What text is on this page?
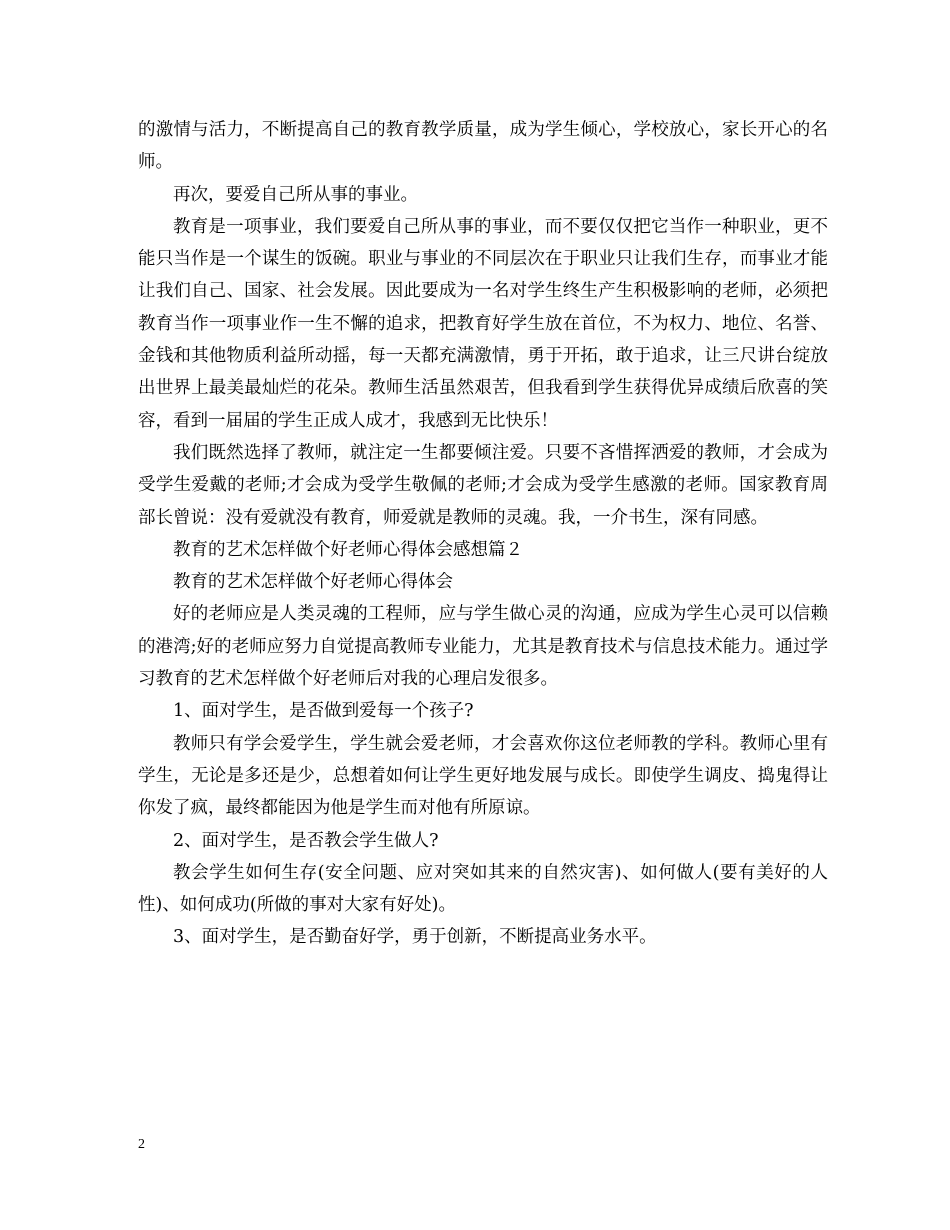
的激情与活力，不断提高自己的教育教学质量，成为学生倾心，学校放心，家长开心的名师。

再次，要爱自己所从事的事业。

教育是一项事业，我们要爱自己所从事的事业，而不要仅仅把它当作一种职业，更不能只当作是一个谋生的饭碗。职业与事业的不同层次在于职业只让我们生存，而事业才能让我们自己、国家、社会发展。因此要成为一名对学生终生产生积极影响的老师，必须把教育当作一项事业作一生不懈的追求，把教育好学生放在首位，不为权力、地位、名誉、金钱和其他物质利益所动摇，每一天都充满激情，勇于开拓，敢于追求，让三尺讲台绽放出世界上最美最灿烂的花朵。教师生活虽然艰苦，但我看到学生获得优异成绩后欣喜的笑容，看到一届届的学生正成人成才，我感到无比快乐！

我们既然选择了教师，就注定一生都要倾注爱。只要不吝惜挥洒爱的教师，才会成为受学生爱戴的老师;才会成为受学生敬佩的老师;才会成为受学生感激的老师。国家教育周部长曾说：没有爱就没有教育，师爱就是教师的灵魂。我，一介书生，深有同感。

教育的艺术怎样做个好老师心得体会感想篇２

教育的艺术怎样做个好老师心得体会

好的老师应是人类灵魂的工程师，应与学生做心灵的沟通，应成为学生心灵可以信赖的港湾;好的老师应努力自觉提高教师专业能力，尤其是教育技术与信息技术能力。通过学习教育的艺术怎样做个好老师后对我的心理启发很多。

1、面对学生，是否做到爱每一个孩子?

教师只有学会爱学生，学生就会爱老师，才会喜欢你这位老师教的学科。教师心里有学生，无论是多还是少，总想着如何让学生更好地发展与成长。即使学生调皮、捣鬼得让你发了疯，最终都能因为他是学生而对他有所原谅。

2、面对学生，是否教会学生做人?

教会学生如何生存(安全问题、应对突如其来的自然灾害)、如何做人(要有美好的人性)、如何成功(所做的事对大家有好处)。

3、面对学生，是否勤奋好学，勇于创新，不断提高业务水平。

2
